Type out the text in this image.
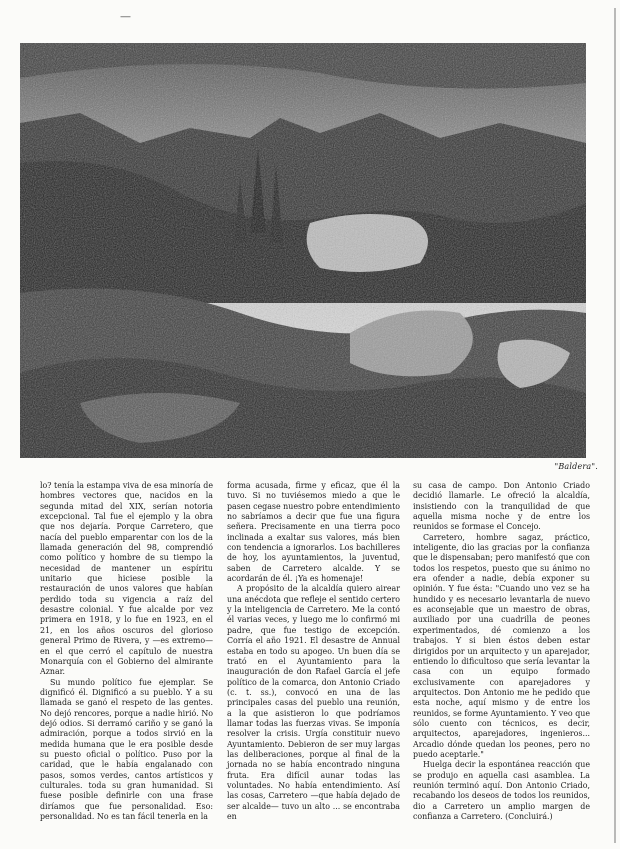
—
"Baldera".

lo? tenía la estampa viva de esa minoría de hombres vectores que, nacidos en la segunda mitad del XIX, serían notoria excepcional. Tal fue el ejemplo y la obra que nos dejaría. Porque Carretero, que nacía del pueblo emparentar con los de la llamada generación del 98, comprendió como político y hombre de su tiempo la necesidad de mantener un espíritu unitario que hiciese posible la restauración de unos valores que habían perdido toda su vigencia a raíz del desastre colonial. Y fue alcalde por vez primera en 1918, y lo fue en 1923, en el 21, en los años oscuros del glorioso general Primo de Rivera, y —es extremo— en el que cerró el capítulo de nuestra Monarquía con el Gobierno del almirante Aznar.

Su mundo político fue ejemplar. Se dignificó él. Dignificó a su pueblo. Y a su llamada se ganó el respeto de las gentes. No dejó rencores, porque a nadie hirió. No dejó odios. Si derramó cariño y se ganó la admiración, porque a todos sirvió en la medida humana que le era posible desde su puesto oficial o político. Puso por la caridad, que le había engalanado con pasos, somos verdes, cantos artísticos y culturales. toda su gran humanidad. Si fuese posible definirle con una frase diríamos que fue personalidad. Eso: personalidad. No es tan fácil tenerla en la

forma acusada, firme y eficaz, que él la tuvo. Si no tuviésemos miedo a que le pasen cegase nuestro pobre entendimiento no sabríamos a decir que fue una figura señera. Precisamente en una tierra poco inclinada a exaltar sus valores, más bien con tendencia a ignorarlos. Los bachilleres de hoy, los ayuntamientos, la juventud, saben de Carretero alcalde. Y se acordarán de él. ¡Ya es homenaje!

A propósito de la alcaldía quiero airear una anécdota que refleje el sentido certero y la inteligencia de Carretero. Me la contó él varias veces, y luego me lo confirmó mi padre, que fue testigo de excepción. Corría el año 1921. El desastre de Annual estaba en todo su apogeo. Un buen día se trató en el Ayuntamiento para la inauguración de don Rafael García el jefe político de la comarca, don Antonio Criado (c. t. ss.), convocó en una de las principales casas del pueblo una reunión, a la que asistieron lo que podríamos llamar todas las fuerzas vivas. Se imponía resolver la crisis. Urgía constituir nuevo Ayuntamiento. Debieron de ser muy largas las deliberaciones, porque al final de la jornada no se había encontrado ninguna fruta. Era difícil aunar todas las voluntades. No había entendimiento. Así las cosas, Carretero —que había dejado de ser alcalde— tuvo un alto ... se encontraba en

su casa de campo. Don Antonio Criado decidió llamarle. Le ofreció la alcaldía, insistiendo con la tranquilidad de que aquella misma noche y de entre los reunidos se formase el Concejo.

Carretero, hombre sagaz, práctico, inteligente, dio las gracias por la confianza que le dispensaban; pero manifestó que con todos los respetos, puesto que su ánimo no era ofender a nadie, debía exponer su opinión. Y fue ésta: "Cuando uno vez se ha hundido y es necesario levantarla de nuevo es aconsejable que un maestro de obras, auxiliado por una cuadrilla de peones experimentados, dé comienzo a los trabajos. Y si bien éstos deben estar dirigidos por un arquitecto y un aparejador, entiendo lo dificultoso que sería levantar la casa con un equipo formado exclusivamente con aparejadores y arquitectos. Don Antonio me he pedido que esta noche, aquí mismo y de entre los reunidos, se forme Ayuntamiento. Y veo que sólo cuento con técnicos, es decir, arquitectos, aparejadores, ingenieros... Arcadio dónde quedan los peones, pero no puedo aceptarle."

Huelga decir la espontánea reacción que se produjo en aquella casi asamblea. La reunión terminó aquí. Don Antonio Criado, recabando los deseos de todos los reunidos, dio a Carretero un amplio margen de confianza a Carretero. (Concluirá.)
